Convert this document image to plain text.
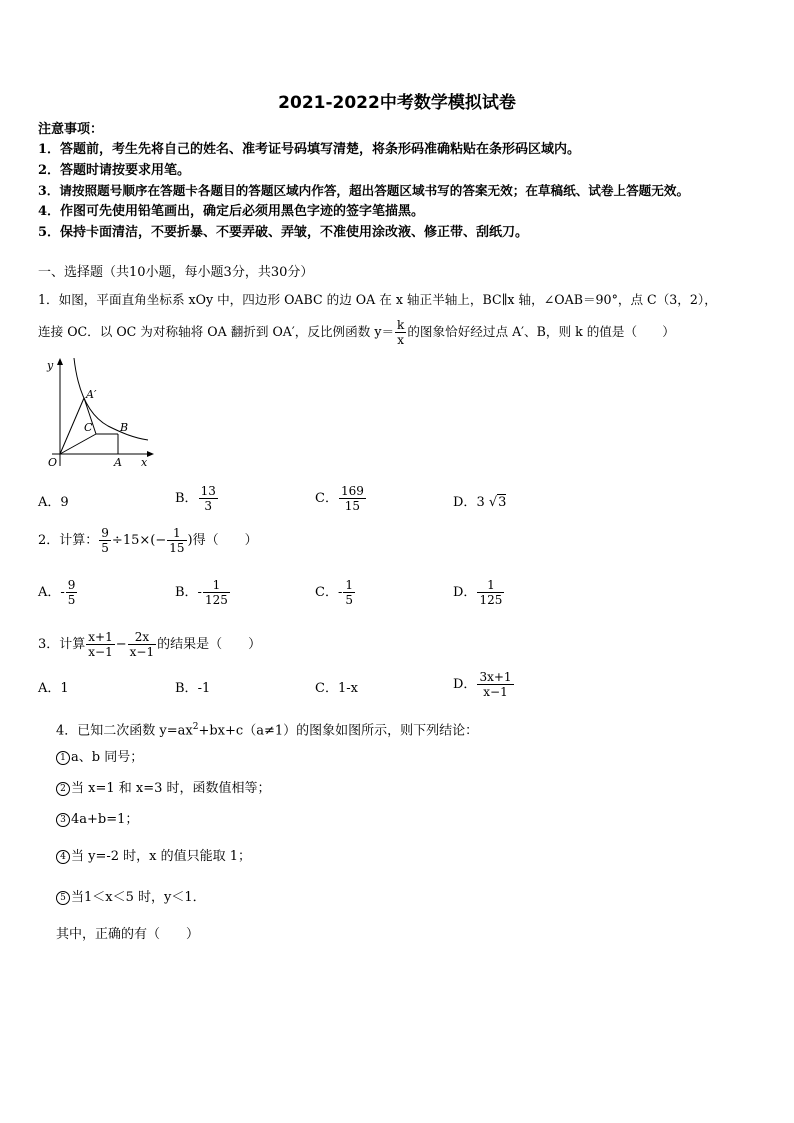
2021-2022中考数学模拟试卷
注意事项：
1．答题前，考生先将自己的姓名、准考证号码填写清楚，将条形码准确粘贴在条形码区域内。
2．答题时请按要求用笔。
3．请按照题号顺序在答题卡各题目的答题区域内作答，超出答题区域书写的答案无效；在草稿纸、试卷上答题无效。
4．作图可先使用铅笔画出，确定后必须用黑色字迹的签字笔描黑。
5．保持卡面清洁，不要折暴、不要弄破、弄皱，不准使用涂改液、修正带、刮纸刀。
一、选择题（共10小题，每小题3分，共30分）
1．如图，平面直角坐标系 xOy 中，四边形 OABC 的边 OA 在 x 轴正半轴上，BC∥x 轴，∠OAB＝90°，点 C（3，2），
连接 OC．以 OC 为对称轴将 OA 翻折到 OA′，反比例函数 $y= \frac{k}{x}$ 的图象恰好经过点 A′、B，则 k 的值是（　　）
y
x
O	A
B
C
A′
A．9	B． $\frac{13}{3}$	C． $\frac{169}{15}$	D．3 √3
2．计算： $\frac{9}{5} \div 15\times(- \frac{1}{15}$ )得（　　）
A．- $\frac{9}{5}$	B．- $\frac{1}{125}$	C．- $\frac{1}{5}$	D． $\frac{1}{125}$
3．计算 $\frac{x+1}{x-1} - \frac{2x}{x-1}$ 的结果是（　　）
A．1	B．-1	C．1-x	D． $\frac{3x+1}{x-1}$
4．已知二次函数 $y=ax^2+bx+c(a\ne 1)$的图象如图所示，则下列结论：
1 a、b 同号；
2 当 x=1 和 x=3 时，函数值相等；
3 4a+b=1；
4 当 y=-2 时，x 的值只能取 1；
5 当1＜x＜5 时，y＜1．
其中，正确的有（　　）
